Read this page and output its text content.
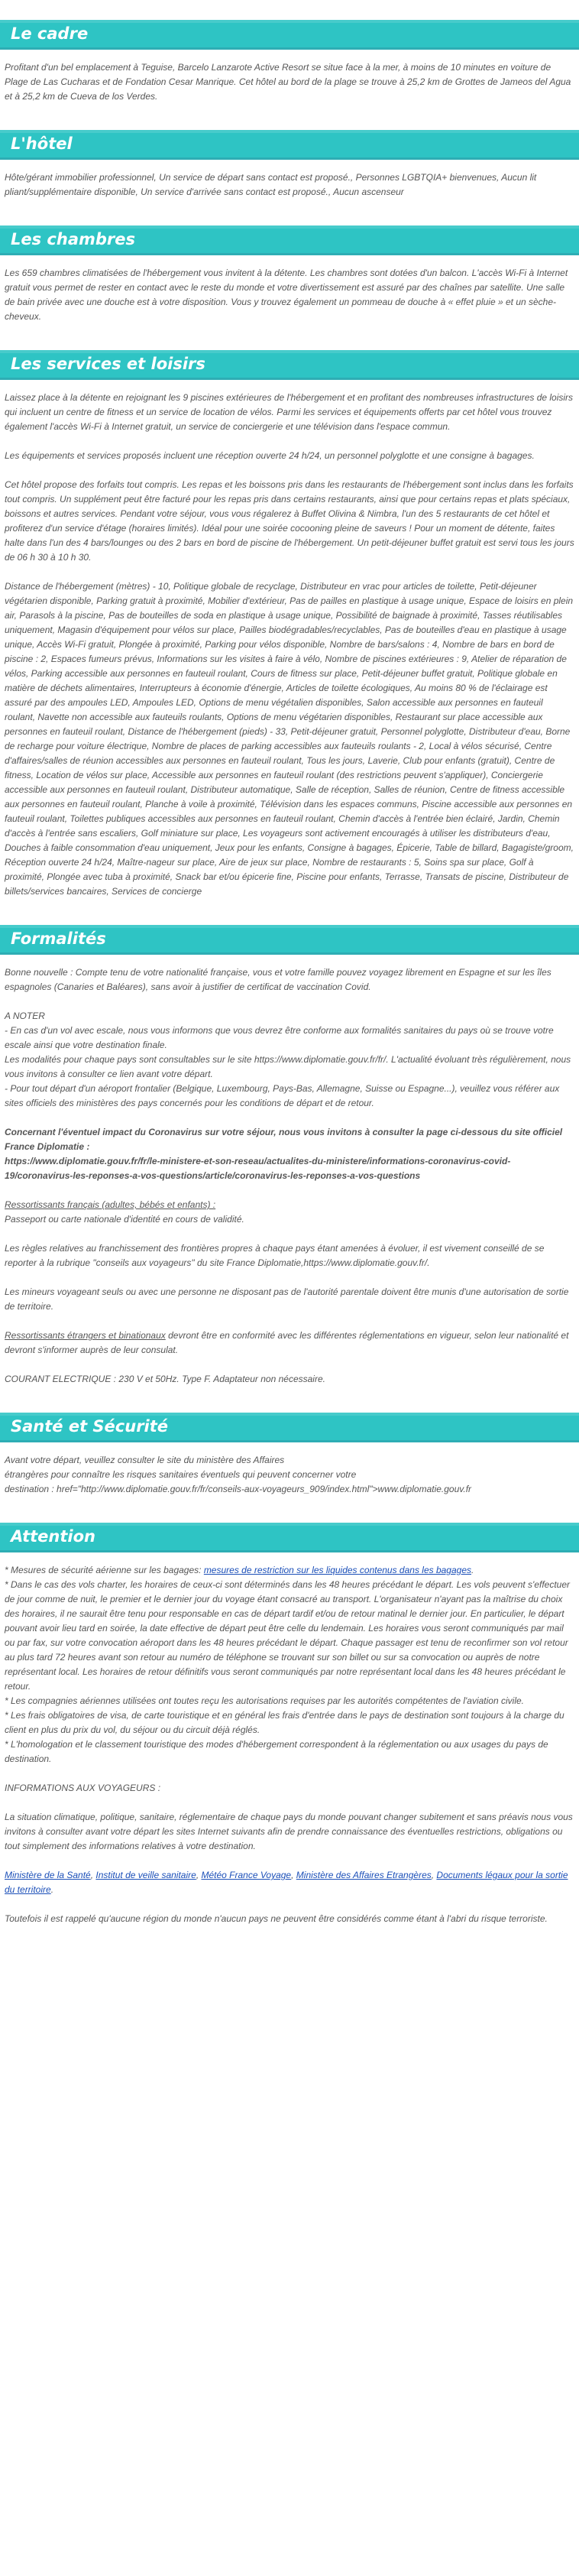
Le cadre

Profitant d'un bel emplacement à Teguise, Barcelo Lanzarote Active Resort se situe face à la mer, à moins de 10 minutes en voiture de Plage de Las Cucharas et de Fondation Cesar Manrique. Cet hôtel au bord de la plage se trouve à 25,2 km de Grottes de Jameos del Agua et à 25,2 km de Cueva de los Verdes.

L'hôtel

Hôte/gérant immobilier professionnel, Un service de départ sans contact est proposé., Personnes LGBTQIA+ bienvenues, Aucun lit pliant/supplémentaire disponible, Un service d'arrivée sans contact est proposé., Aucun ascenseur

Les chambres

Les 659 chambres climatisées de l'hébergement vous invitent à la détente. Les chambres sont dotées d'un balcon. L'accès Wi-Fi à Internet gratuit vous permet de rester en contact avec le reste du monde et votre divertissement est assuré par des chaînes par satellite. Une salle de bain privée avec une douche est à votre disposition. Vous y trouvez également un pommeau de douche à « effet pluie » et un sèche-cheveux.

Les services et loisirs

Laissez place à la détente en rejoignant les 9 piscines extérieures de l'hébergement et en profitant des nombreuses infrastructures de loisirs qui incluent un centre de fitness et un service de location de vélos. Parmi les services et équipements offerts par cet hôtel vous trouvez également l'accès Wi-Fi à Internet gratuit, un service de conciergerie et une télévision dans l'espace commun.

Les équipements et services proposés incluent une réception ouverte 24 h/24, un personnel polyglotte et une consigne à bagages.

Cet hôtel propose des forfaits tout compris. Les repas et les boissons pris dans les restaurants de l'hébergement sont inclus dans les forfaits tout compris. Un supplément peut être facturé pour les repas pris dans certains restaurants, ainsi que pour certains repas et plats spéciaux, boissons et autres services. Pendant votre séjour, vous vous régalerez à Buffet Olivina & Nimbra, l'un des 5 restaurants de cet hôtel et profiterez d'un service d'étage (horaires limités). Idéal pour une soirée cocooning pleine de saveurs ! Pour un moment de détente, faites halte dans l'un des 4 bars/lounges ou des 2 bars en bord de piscine de l'hébergement. Un petit-déjeuner buffet gratuit est servi tous les jours de 06 h 30 à 10 h 30.

Distance de l'hébergement (mètres) - 10, Politique globale de recyclage, Distributeur en vrac pour articles de toilette, Petit-déjeuner végétarien disponible, Parking gratuit à proximité, Mobilier d'extérieur, Pas de pailles en plastique à usage unique, Espace de loisirs en plein air, Parasols à la piscine, Pas de bouteilles de soda en plastique à usage unique, Possibilité de baignade à proximité, Tasses réutilisables uniquement, Magasin d'équipement pour vélos sur place, Pailles biodégradables/recyclables, Pas de bouteilles d'eau en plastique à usage unique, Accès Wi-Fi gratuit, Plongée à proximité, Parking pour vélos disponible, Nombre de bars/salons : 4, Nombre de bars en bord de piscine : 2, Espaces fumeurs prévus, Informations sur les visites à faire à vélo, Nombre de piscines extérieures : 9, Atelier de réparation de vélos, Parking accessible aux personnes en fauteuil roulant, Cours de fitness sur place, Petit-déjeuner buffet gratuit, Politique globale en matière de déchets alimentaires, Interrupteurs à économie d'énergie, Articles de toilette écologiques, Au moins 80 % de l'éclairage est assuré par des ampoules LED, Ampoules LED, Options de menu végétalien disponibles, Salon accessible aux personnes en fauteuil roulant, Navette non accessible aux fauteuils roulants, Options de menu végétarien disponibles, Restaurant sur place accessible aux personnes en fauteuil roulant, Distance de l'hébergement (pieds) - 33, Petit-déjeuner gratuit, Personnel polyglotte, Distributeur d'eau, Borne de recharge pour voiture électrique, Nombre de places de parking accessibles aux fauteuils roulants - 2, Local à vélos sécurisé, Centre d'affaires/salles de réunion accessibles aux personnes en fauteuil roulant, Tous les jours, Laverie, Club pour enfants (gratuit), Centre de fitness, Location de vélos sur place, Accessible aux personnes en fauteuil roulant (des restrictions peuvent s'appliquer), Conciergerie accessible aux personnes en fauteuil roulant, Distributeur automatique, Salle de réception, Salles de réunion, Centre de fitness accessible aux personnes en fauteuil roulant, Planche à voile à proximité, Télévision dans les espaces communs, Piscine accessible aux personnes en fauteuil roulant, Toilettes publiques accessibles aux personnes en fauteuil roulant, Chemin d'accès à l'entrée bien éclairé, Jardin, Chemin d'accès à l'entrée sans escaliers, Golf miniature sur place, Les voyageurs sont activement encouragés à utiliser les distributeurs d'eau, Douches à faible consommation d'eau uniquement, Jeux pour les enfants, Consigne à bagages, Épicerie, Table de billard, Bagagiste/groom, Réception ouverte 24 h/24, Maître-nageur sur place, Aire de jeux sur place, Nombre de restaurants : 5, Soins spa sur place, Golf à proximité, Plongée avec tuba à proximité, Snack bar et/ou épicerie fine, Piscine pour enfants, Terrasse, Transats de piscine, Distributeur de billets/services bancaires, Services de concierge

Formalités

Bonne nouvelle : Compte tenu de votre nationalité française, vous et votre famille pouvez voyagez librement en Espagne et sur les îles espagnoles (Canaries et Baléares), sans avoir à justifier de certificat de vaccination Covid.

A NOTER
- En cas d'un vol avec escale, nous vous informons que vous devrez être conforme aux formalités sanitaires du pays où se trouve votre escale ainsi que votre destination finale.
Les modalités pour chaque pays sont consultables sur le site https://www.diplomatie.gouv.fr/fr/. L'actualité évoluant très régulièrement, nous vous invitons à consulter ce lien avant votre départ.
- Pour tout départ d'un aéroport frontalier (Belgique, Luxembourg, Pays-Bas, Allemagne, Suisse ou Espagne...), veuillez vous référer aux sites officiels des ministères des pays concernés pour les conditions de départ et de retour.

Concernant l'éventuel impact du Coronavirus sur votre séjour, nous vous invitons à consulter la page ci-dessous du site officiel France Diplomatie :
https://www.diplomatie.gouv.fr/fr/le-ministere-et-son-reseau/actualites-du-ministere/informations-coronavirus-covid-19/coronavirus-les-reponses-a-vos-questions/article/coronavirus-les-reponses-a-vos-questions

Ressortissants français (adultes, bébés et enfants) :
Passeport ou carte nationale d'identité en cours de validité.

Les règles relatives au franchissement des frontières propres à chaque pays étant amenées à évoluer, il est vivement conseillé de se reporter à la rubrique "conseils aux voyageurs" du site France Diplomatie,https://www.diplomatie.gouv.fr/.

Les mineurs voyageant seuls ou avec une personne ne disposant pas de l'autorité parentale doivent être munis d'une autorisation de sortie de territoire.

Ressortissants étrangers et binationaux devront être en conformité avec les différentes réglementations en vigueur, selon leur nationalité et devront s'informer auprès de leur consulat.

COURANT ELECTRIQUE : 230 V et 50Hz. Type F. Adaptateur non nécessaire.

Santé et Sécurité

Avant votre départ, veuillez consulter le site du ministère des Affaires
étrangères pour connaître les risques sanitaires éventuels qui peuvent concerner votre
destination : href="http://www.diplomatie.gouv.fr/fr/conseils-aux-voyageurs_909/index.html">www.diplomatie.gouv.fr

Attention

* Mesures de sécurité aérienne sur les bagages: mesures de restriction sur les liquides contenus dans les bagages.
* Dans le cas des vols charter, les horaires de ceux-ci sont déterminés dans les 48 heures précédant le départ. Les vols peuvent s'effectuer de jour comme de nuit, le premier et le dernier jour du voyage étant consacré au transport. L'organisateur n'ayant pas la maîtrise du choix des horaires, il ne saurait être tenu pour responsable en cas de départ tardif et/ou de retour matinal le dernier jour. En particulier, le départ pouvant avoir lieu tard en soirée, la date effective de départ peut être celle du lendemain. Les horaires vous seront communiqués par mail ou par fax, sur votre convocation aéroport dans les 48 heures précédant le départ. Chaque passager est tenu de reconfirmer son vol retour au plus tard 72 heures avant son retour au numéro de téléphone se trouvant sur son billet ou sur sa convocation ou auprès de notre représentant local. Les horaires de retour définitifs vous seront communiqués par notre représentant local dans les 48 heures précédant le retour.
* Les compagnies aériennes utilisées ont toutes reçu les autorisations requises par les autorités compétentes de l'aviation civile.
* Les frais obligatoires de visa, de carte touristique et en général les frais d'entrée dans le pays de destination sont toujours à la charge du client en plus du prix du vol, du séjour ou du circuit déjà réglés.
* L'homologation et le classement touristique des modes d'hébergement correspondent à la réglementation ou aux usages du pays de destination.

INFORMATIONS AUX VOYAGEURS :

La situation climatique, politique, sanitaire, réglementaire de chaque pays du monde pouvant changer subitement et sans préavis nous vous invitons à consulter avant votre départ les sites Internet suivants afin de prendre connaissance des éventuelles restrictions, obligations ou tout simplement des informations relatives à votre destination.

Ministère de la Santé, Institut de veille sanitaire, Météo France Voyage, Ministère des Affaires Etrangères, Documents légaux pour la sortie du territoire.

Toutefois il est rappelé qu'aucune région du monde n'aucun pays ne peuvent être considérés comme étant à l'abri du risque terroriste.
